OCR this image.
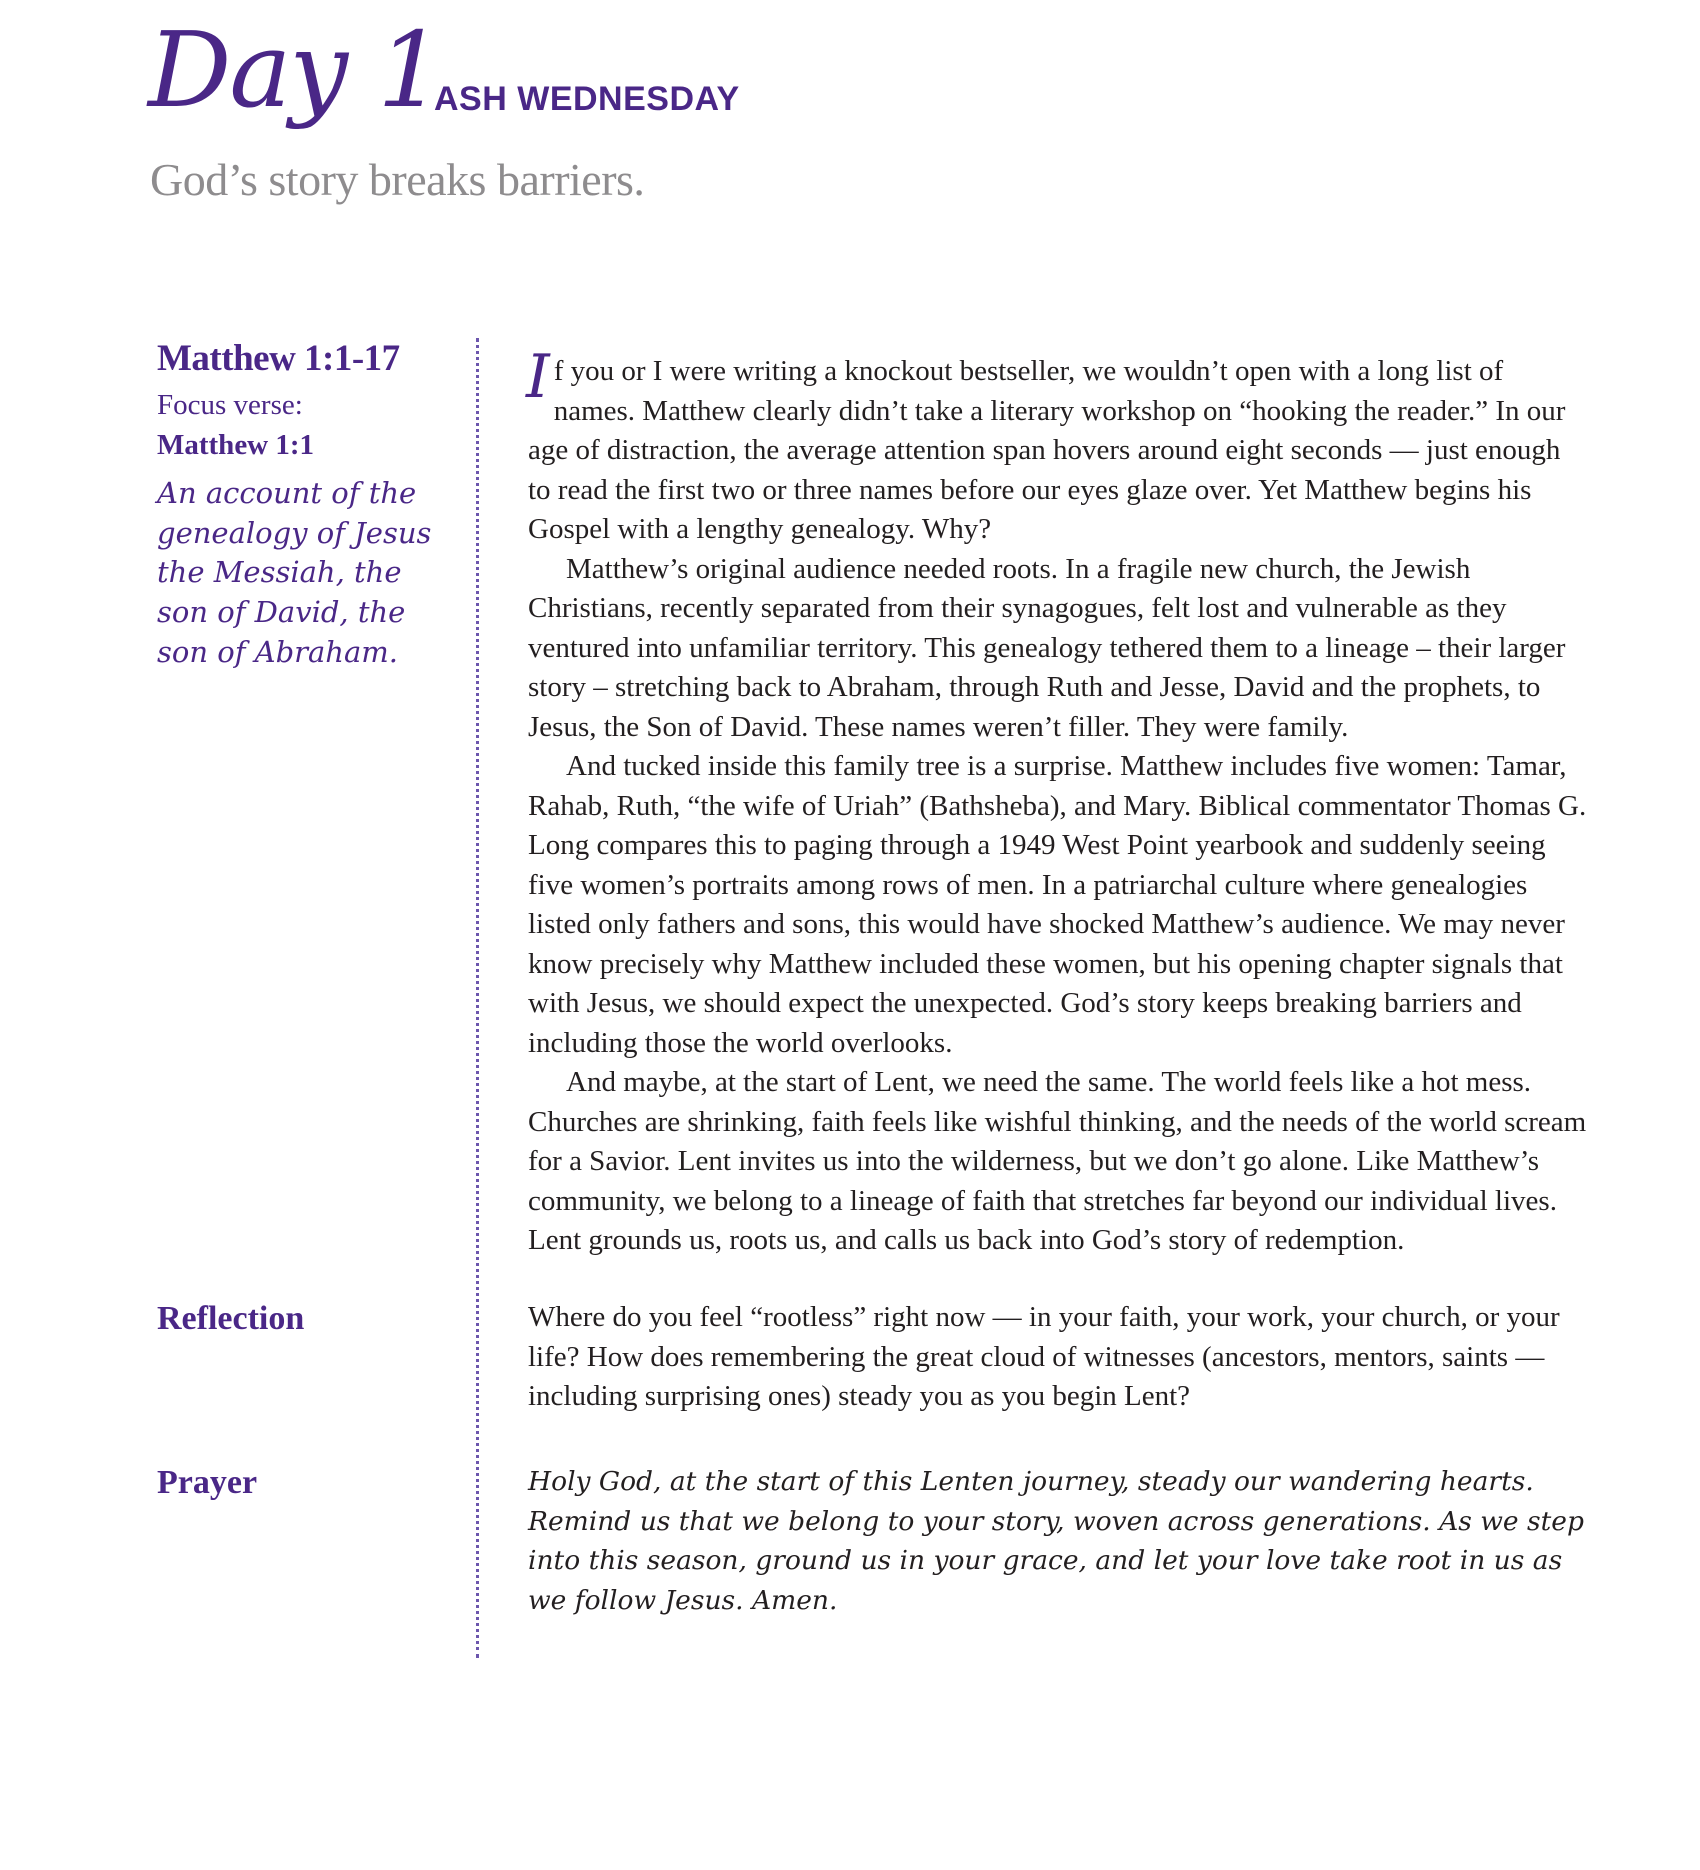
Day 1
ASH WEDNESDAY
God’s story breaks barriers.
Matthew 1:1-17
Focus verse:
Matthew 1:1
An account of the genealogy of Jesus the Messiah, the son of David, the son of Abraham.
Reflection
Prayer

If you or I were writing a knockout bestseller, we wouldn’t open with a long list of names. Matthew clearly didn’t take a literary workshop on “hooking the reader.” In our age of distraction, the average attention span hovers around eight seconds — just enough to read the first two or three names before our eyes glaze over. Yet Matthew begins his Gospel with a lengthy genealogy. Why?

Matthew’s original audience needed roots. In a fragile new church, the Jewish Christians, recently separated from their synagogues, felt lost and vulnerable as they ventured into unfamiliar territory. This genealogy tethered them to a lineage – their larger story – stretching back to Abraham, through Ruth and Jesse, David and the prophets, to Jesus, the Son of David. These names weren’t filler. They were family.

And tucked inside this family tree is a surprise. Matthew includes five women: Tamar, Rahab, Ruth, “the wife of Uriah” (Bathsheba), and Mary. Biblical commentator Thomas G. Long compares this to paging through a 1949 West Point yearbook and suddenly seeing five women’s portraits among rows of men. In a patriarchal culture where genealogies listed only fathers and sons, this would have shocked Matthew’s audience. We may never know precisely why Matthew included these women, but his opening chapter signals that with Jesus, we should expect the unexpected. God’s story keeps breaking barriers and including those the world overlooks.

And maybe, at the start of Lent, we need the same. The world feels like a hot mess. Churches are shrinking, faith feels like wishful thinking, and the needs of the world scream for a Savior. Lent invites us into the wilderness, but we don’t go alone. Like Matthew’s community, we belong to a lineage of faith that stretches far beyond our individual lives. Lent grounds us, roots us, and calls us back into God’s story of redemption.

Where do you feel “rootless” right now — in your faith, your work, your church, or your life? How does remembering the great cloud of witnesses (ancestors, mentors, saints — including surprising ones) steady you as you begin Lent?
Holy God, at the start of this Lenten journey, steady our wandering hearts. Remind us that we belong to your story, woven across generations. As we step into this season, ground us in your grace, and let your love take root in us as we follow Jesus. Amen.
